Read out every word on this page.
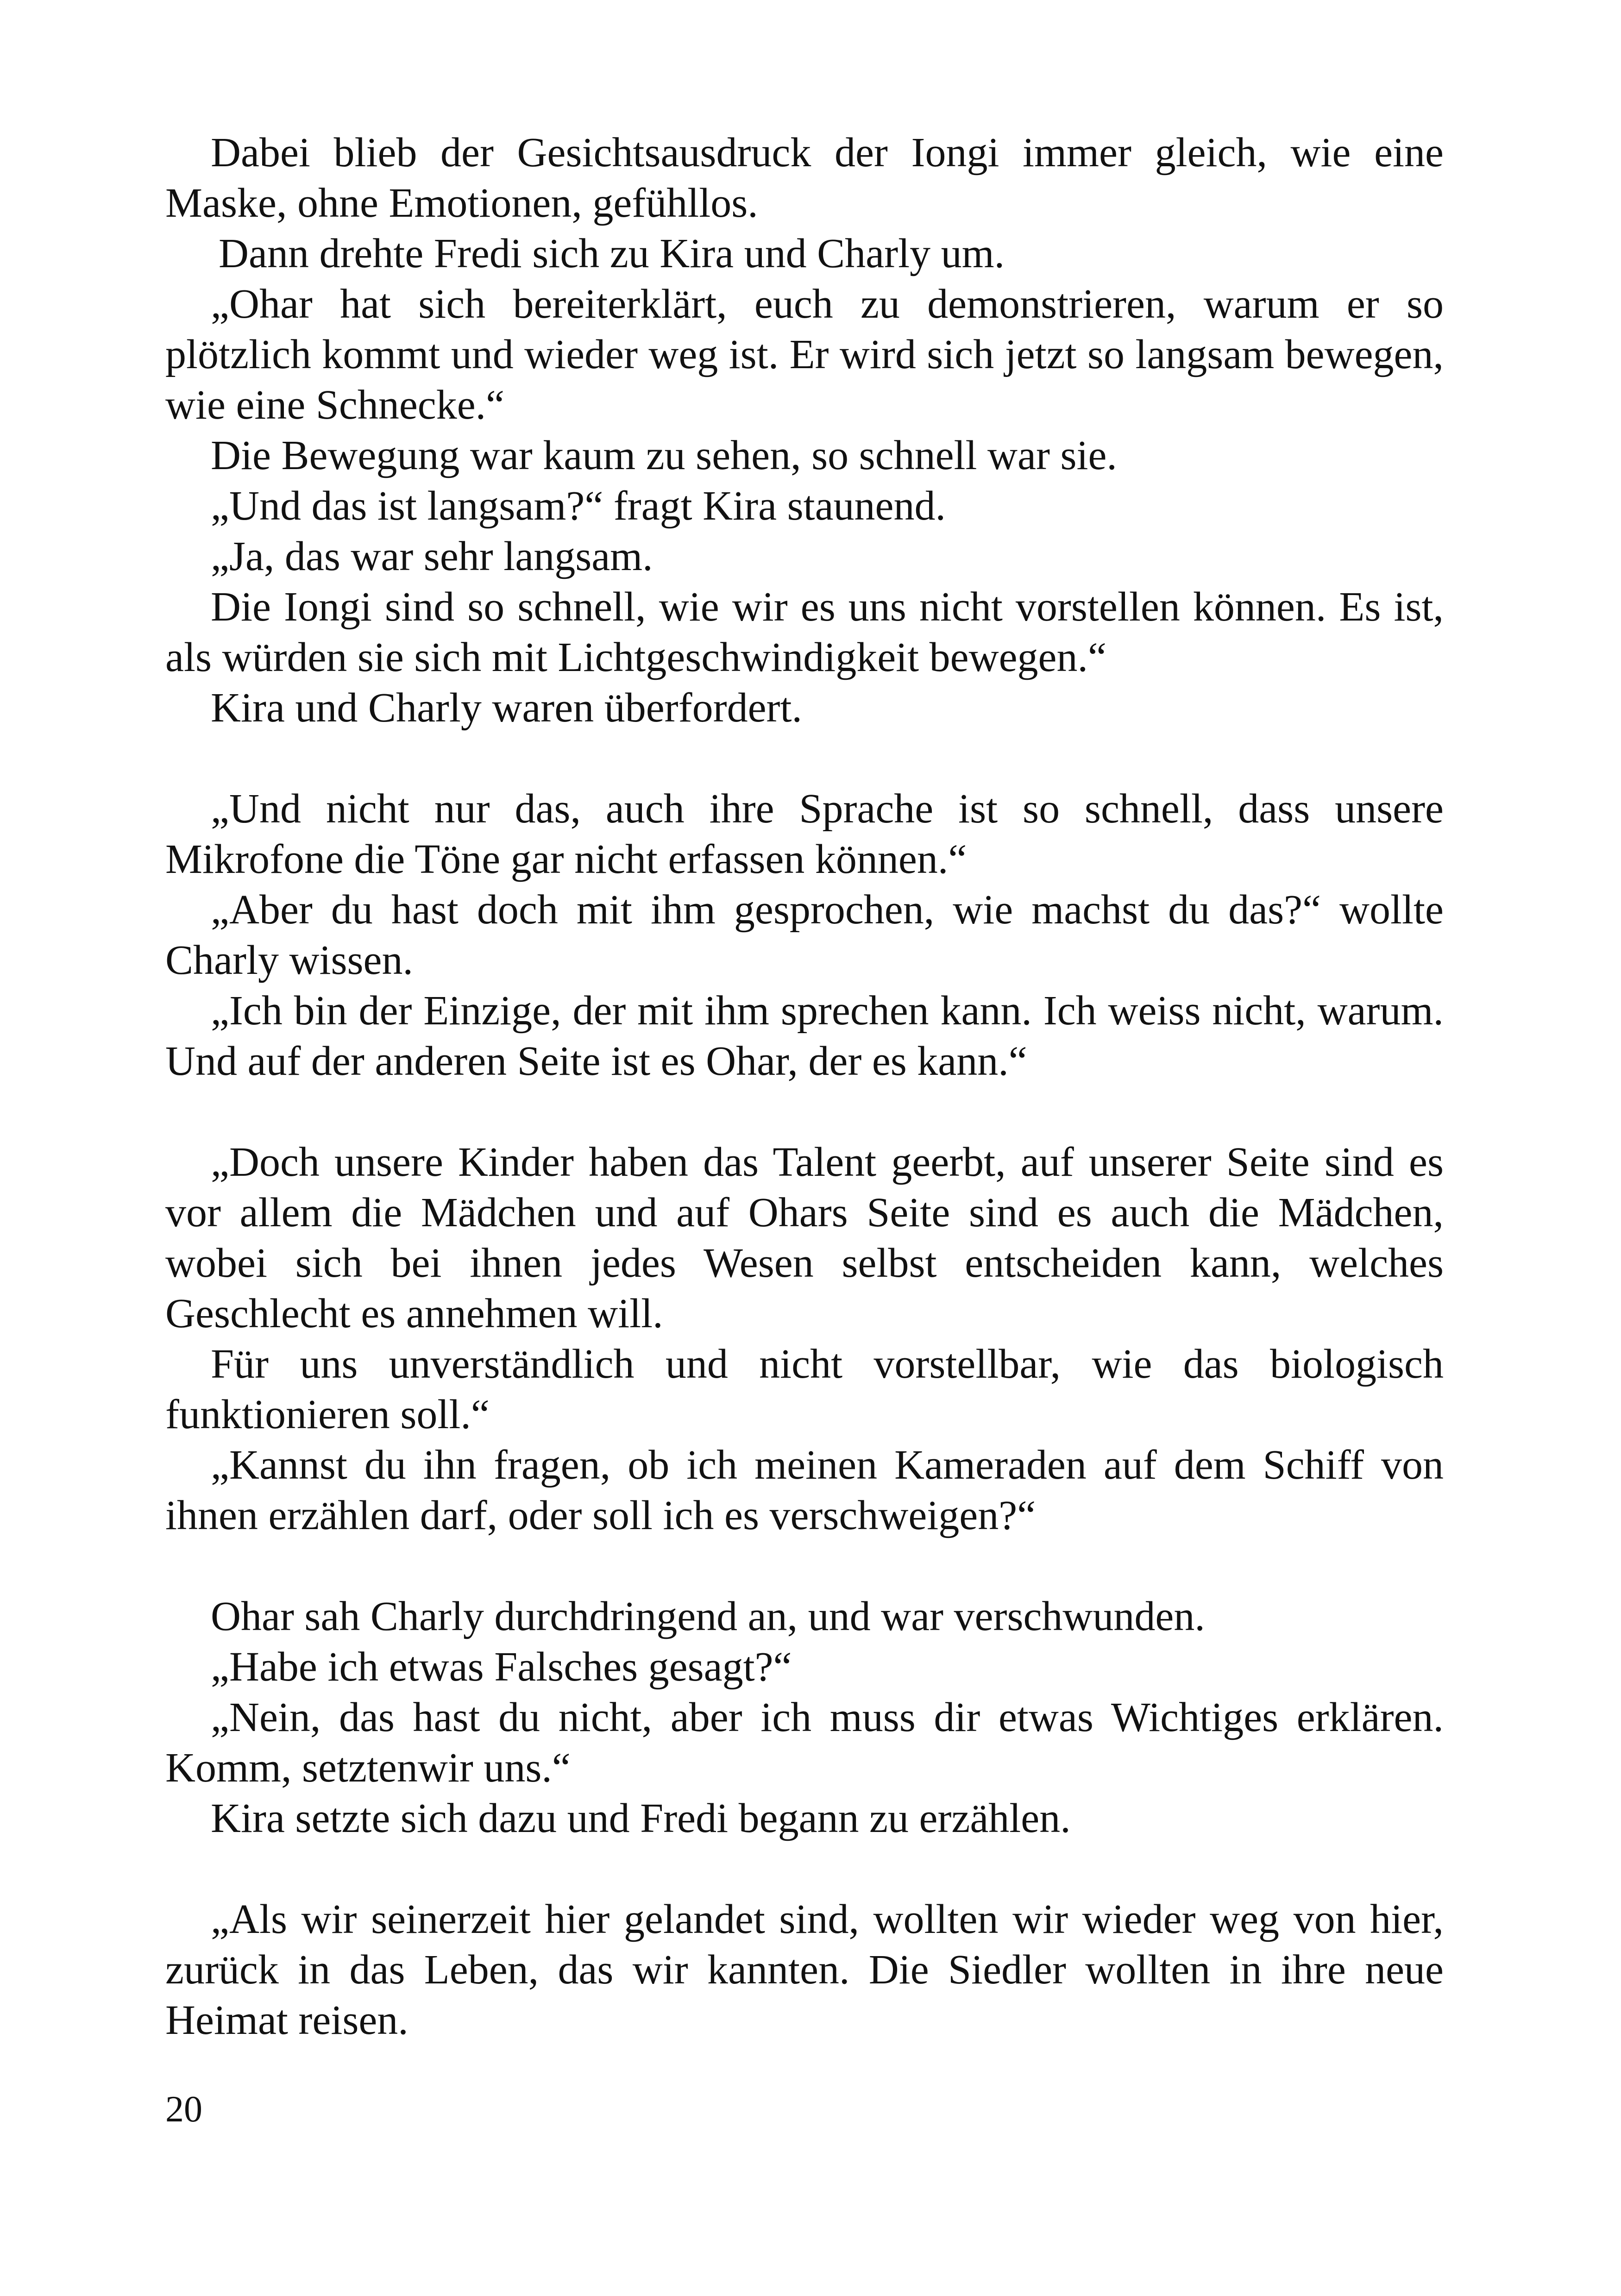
Dabei blieb der Gesichtsausdruck der Iongi immer gleich, wie eine Maske, ohne Emotionen, gefühllos.

Dann drehte Fredi sich zu Kira und Charly um.

„Ohar hat sich bereiterklärt, euch zu demonstrieren, warum er so plötzlich kommt und wieder weg ist. Er wird sich jetzt so langsam bewegen, wie eine Schnecke.“

Die Bewegung war kaum zu sehen, so schnell war sie.

„Und das ist langsam?“ fragt Kira staunend.

„Ja, das war sehr langsam.

Die Iongi sind so schnell, wie wir es uns nicht vorstellen können. Es ist, als würden sie sich mit Lichtgeschwindigkeit bewegen.“

Kira und Charly waren überfordert.

„Und nicht nur das, auch ihre Sprache ist so schnell, dass unsere Mikrofone die Töne gar nicht erfassen können.“

„Aber du hast doch mit ihm gesprochen, wie machst du das?“ wollte Charly wissen.

„Ich bin der Einzige, der mit ihm sprechen kann. Ich weiss nicht, warum. Und auf der anderen Seite ist es Ohar, der es kann.“

„Doch unsere Kinder haben das Talent geerbt, auf unserer Seite sind es vor allem die Mädchen und auf Ohars Seite sind es auch die Mädchen, wobei sich bei ihnen jedes Wesen selbst entscheiden kann, welches Geschlecht es annehmen will.

Für uns unverständlich und nicht vorstellbar, wie das biologisch funktionieren soll.“

„Kannst du ihn fragen, ob ich meinen Kameraden auf dem Schiff von ihnen erzählen darf, oder soll ich es verschweigen?“

Ohar sah Charly durchdringend an, und war verschwunden.

„Habe ich etwas Falsches gesagt?“

„Nein, das hast du nicht, aber ich muss dir etwas Wichtiges erklären. Komm, setztenwir uns.“

Kira setzte sich dazu und Fredi begann zu erzählen.

„Als wir seinerzeit hier gelandet sind, wollten wir wieder weg von hier, zurück in das Leben, das wir kannten. Die Siedler wollten in ihre neue Heimat reisen.

20
